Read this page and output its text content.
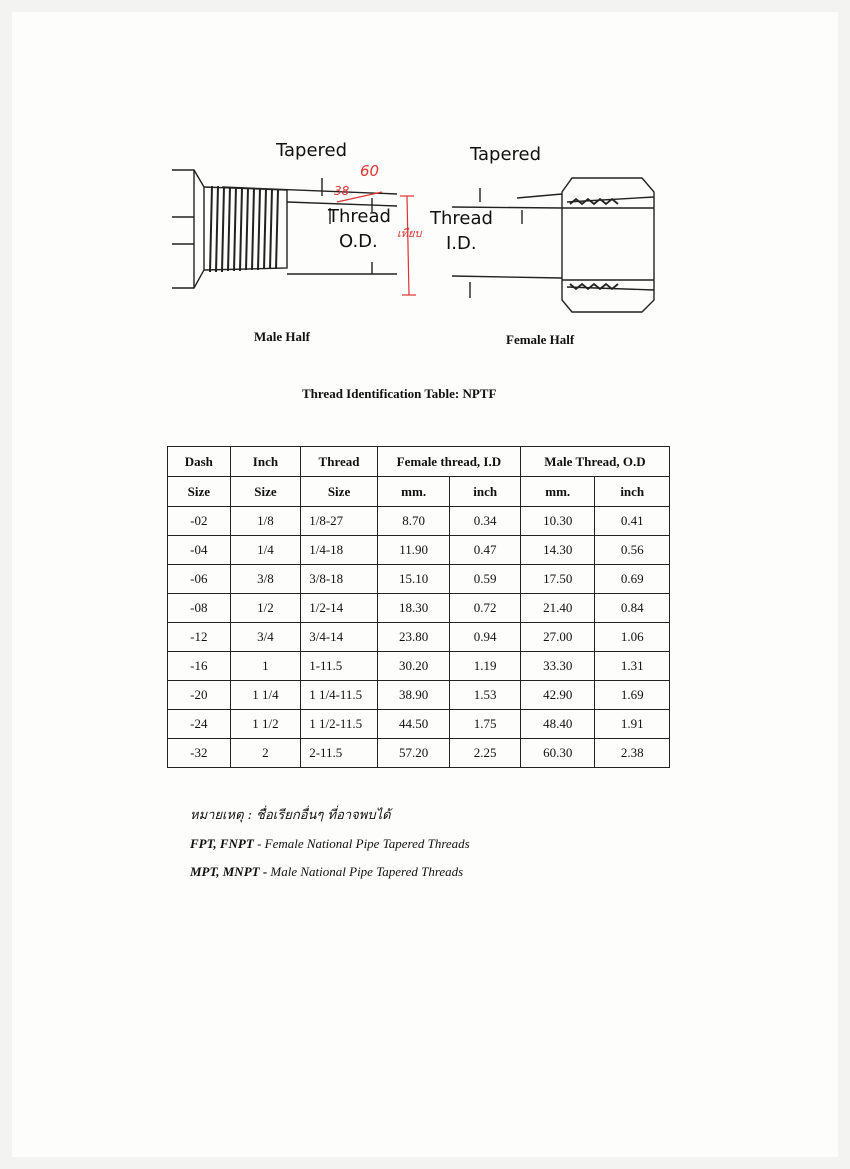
Tapered
Thread
O.D.
Tapered
Thread
I.D.
60
38
เทียบ
Male Half	Female Half
Thread Identification Table: NPTF
Dash	Inch	Thread	Female thread, I.D		Male Thread, O.D	
Size	Size	Size	mm.	inch	mm.	inch
-02	1/8	1/8-27	8.70	0.34	10.30	0.41
-04	1/4	1/4-18	11.90	0.47	14.30	0.56
-06	3/8	3/8-18	15.10	0.59	17.50	0.69
-08	1/2	1/2-14	18.30	0.72	21.40	0.84
-12	3/4	3/4-14	23.80	0.94	27.00	1.06
-16	1	1-11.5	30.20	1.19	33.30	1.31
-20	1 1/4	1 1/4-11.5	38.90	1.53	42.90	1.69
-24	1 1/2	1 1/2-11.5	44.50	1.75	48.40	1.91
-32	2	2-11.5	57.20	2.25	60.30	2.38
หมายเหตุ : ชื่อเรียกอื่นๆ ที่อาจพบได้
FPT, FNPT - Female National Pipe Tapered Threads
MPT, MNPT - Male National Pipe Tapered Threads
